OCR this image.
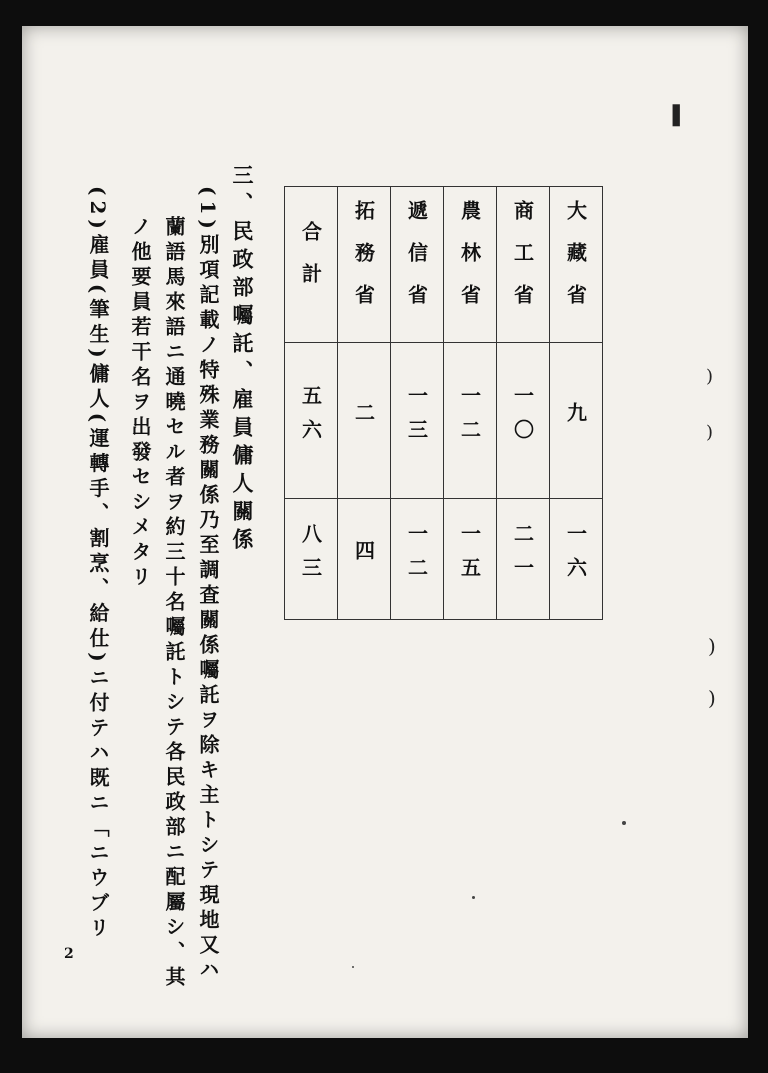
❚
)
)
)
)
合計	拓務省	遞信省	農林省	商工省	大藏省
五六	二	一三	一二	一〇	九
八三	四	一二	一五	二一	一六
三、民政部囑託、雇員傭人關係
(1)別項記載ノ特殊業務關係乃至調査關係囑託ヲ除キ主トシテ現地又ハ
蘭語馬來語ニ通曉セル者ヲ約三十名囑託トシテ各民政部ニ配屬シ、其
ノ他要員若干名ヲ出發セシメタリ
(2)雇員(筆生)傭人(運轉手、割烹、給仕)ニ付テハ既ニ「ニウブリ
2
